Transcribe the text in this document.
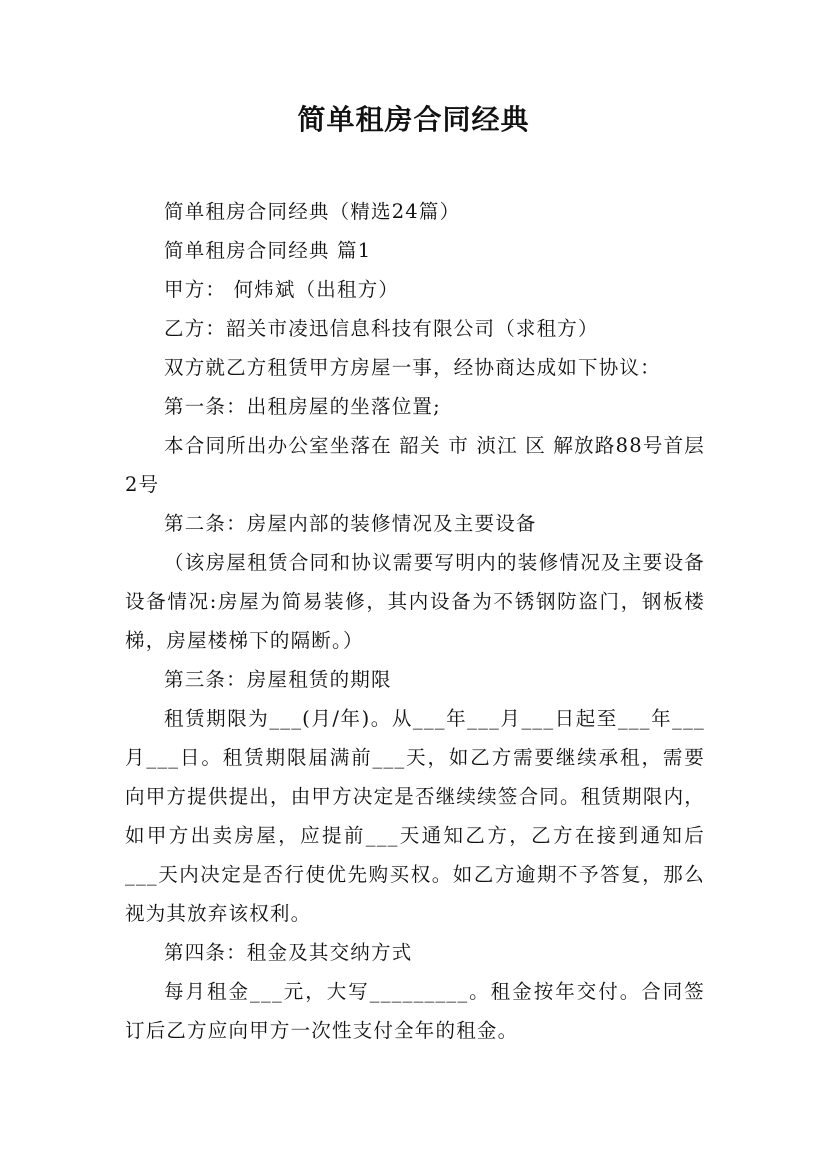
简单租房合同经典

简单租房合同经典（精选24篇）

简单租房合同经典 篇1

甲方： 何炜斌（出租方）

乙方：韶关市凌迅信息科技有限公司（求租方）

双方就乙方租赁甲方房屋一事，经协商达成如下协议：

第一条：出租房屋的坐落位置;

本合同所出办公室坐落在 韶关 市 浈江 区 解放路88号首层2号

第二条：房屋内部的装修情况及主要设备

（该房屋租赁合同和协议需要写明内的装修情况及主要设备设备情况:房屋为简易装修，其内设备为不锈钢防盗门，钢板楼梯，房屋楼梯下的隔断。）

第三条：房屋租赁的期限

租赁期限为___(月/年)。从___年___月___日起至___年___月___日。租赁期限届满前___天，如乙方需要继续承租，需要向甲方提供提出，由甲方决定是否继续续签合同。租赁期限内，如甲方出卖房屋，应提前___天通知乙方，乙方在接到通知后___天内决定是否行使优先购买权。如乙方逾期不予答复，那么视为其放弃该权利。

第四条：租金及其交纳方式

每月租金___元，大写_________。租金按年交付。合同签订后乙方应向甲方一次性支付全年的租金。
